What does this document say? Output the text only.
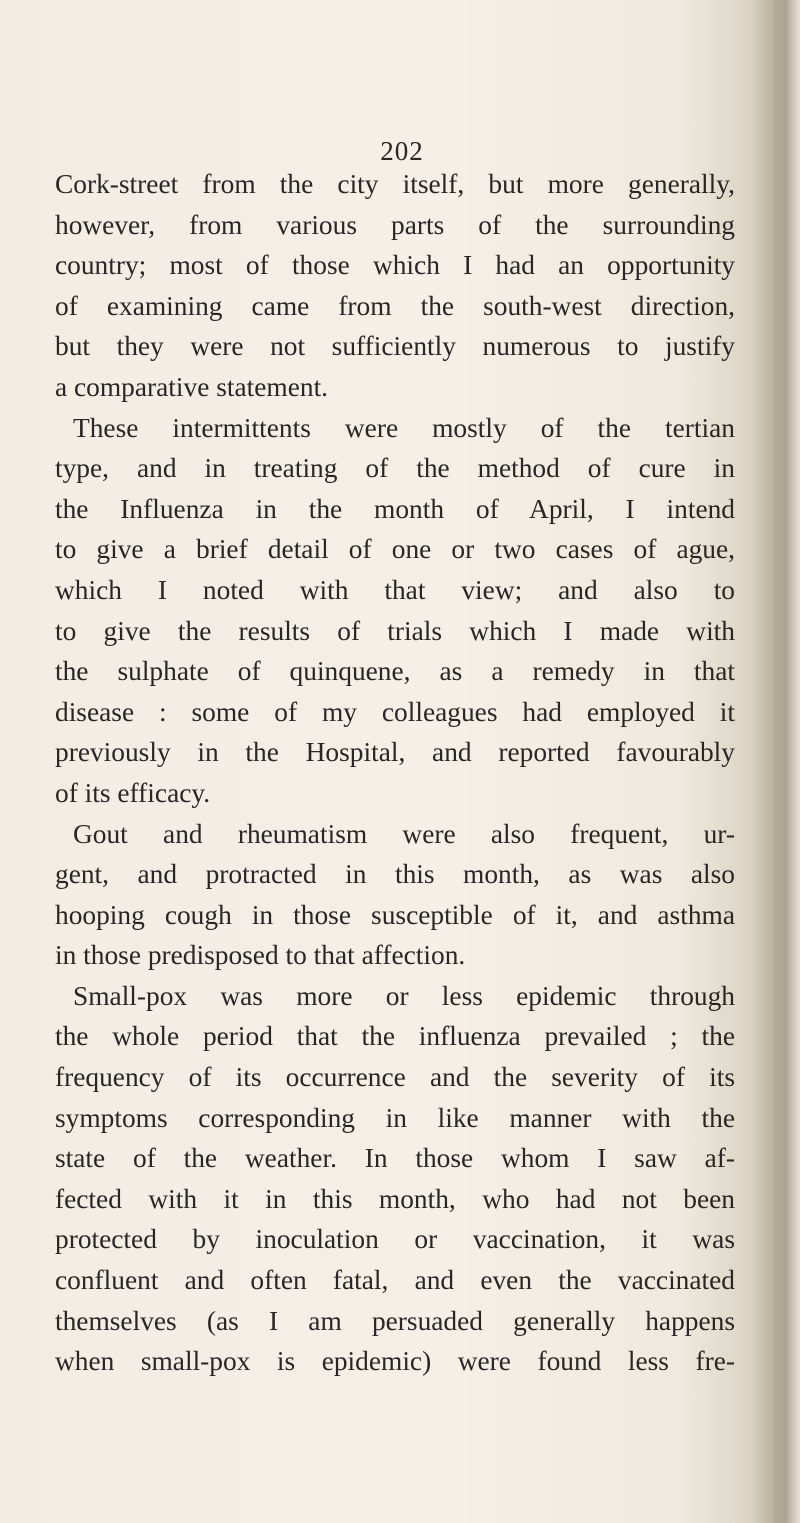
202
Cork-street from the city itself, but more generally,
however, from various parts of the surrounding
country; most of those which I had an opportunity
of examining came from the south-west direction,
but they were not sufficiently numerous to justify
a comparative statement.
These intermittents were mostly of the tertian
type, and in treating of the method of cure in
the Influenza in the month of April, I intend
to give a brief detail of one or two cases of ague,
which I noted with that view; and also to
to give the results of trials which I made with
the sulphate of quinquene, as a remedy in that
disease : some of my colleagues had employed it
previously in the Hospital, and reported favourably
of its efficacy.
Gout and rheumatism were also frequent, ur-
gent, and protracted in this month, as was also
hooping cough in those susceptible of it, and asthma
in those predisposed to that affection.
Small-pox was more or less epidemic through
the whole period that the influenza prevailed ; the
frequency of its occurrence and the severity of its
symptoms corresponding in like manner with the
state of the weather. In those whom I saw af-
fected with it in this month, who had not been
protected by inoculation or vaccination, it was
confluent and often fatal, and even the vaccinated
themselves (as I am persuaded generally happens
when small-pox is epidemic) were found less fre-
